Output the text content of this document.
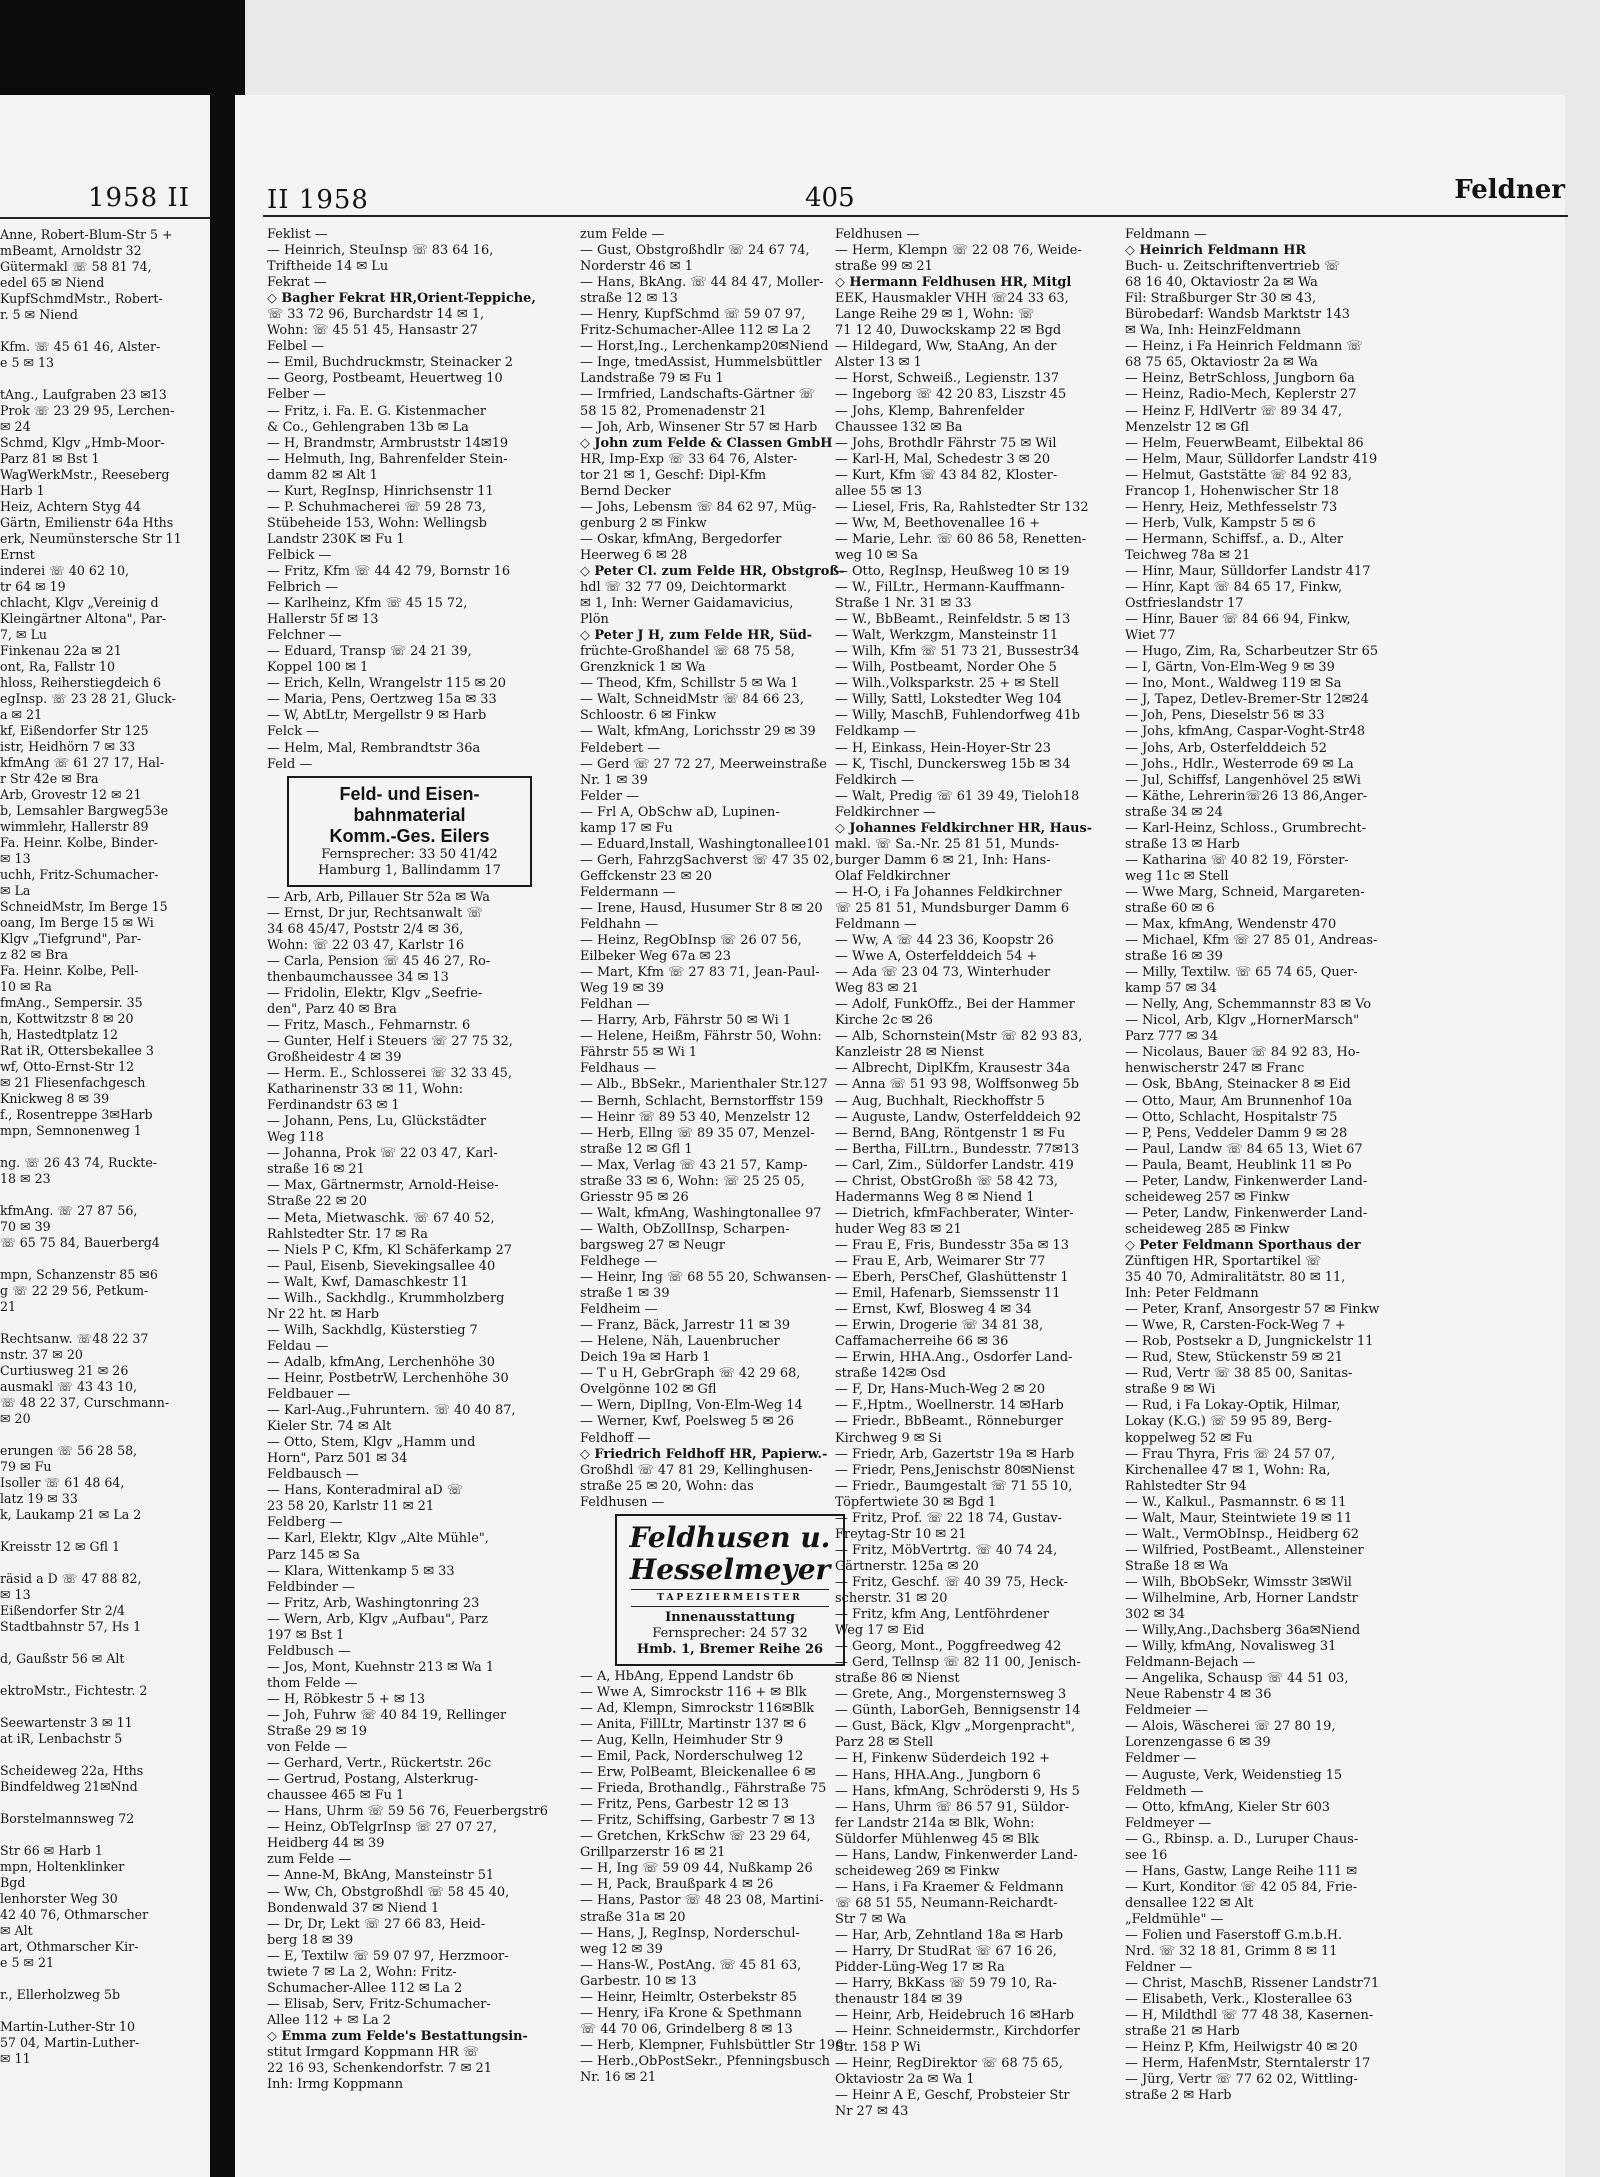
1958 II
Anne, Robert-Blum-Str 5 +
mBeamt, Arnoldstr 32
Gütermakl ☏ 58 81 74,
edel 65 ✉ Niend
KupfSchmdMstr., Robert-
r. 5 ✉ Niend

Kfm. ☏ 45 61 46, Alster-
e 5 ✉ 13

tAng., Laufgraben 23 ✉13
Prok ☏ 23 29 95, Lerchen-
✉ 24
Schmd, Klgv „Hmb-Moor-
Parz 81 ✉ Bst 1
WagWerkMstr., Reeseberg
Harb 1
Heiz, Achtern Styg 44
Gärtn, Emilienstr 64a Hths
erk, Neumünstersche Str 11
Ernst
inderei ☏ 40 62 10,
tr 64 ✉ 19
chlacht, Klgv „Vereinig d
Kleingärtner Altona", Par-
7, ✉ Lu
Finkenau 22a ✉ 21
ont, Ra, Fallstr 10
hloss, Reiherstiegdeich 6
egInsp. ☏ 23 28 21, Gluck-
a ✉ 21
kf, Eißendorfer Str 125
istr, Heidhörn 7 ✉ 33
kfmAng ☏ 61 27 17, Hal-
r Str 42e ✉ Bra
Arb, Grovestr 12 ✉ 21
b, Lemsahler Bargweg53e
wimmlehr, Hallerstr 89
Fa. Heinr. Kolbe, Binder-
✉ 13
uchh, Fritz-Schumacher-
✉ La
SchneidMstr, Im Berge 15
oang, Im Berge 15 ✉ Wi
Klgv „Tiefgrund", Par-
z 82 ✉ Bra
Fa. Heinr. Kolbe, Pell-
10 ✉ Ra
fmAng., Sempersir. 35
n, Kottwitzstr 8 ✉ 20
h, Hastedtplatz 12
Rat iR, Ottersbekallee 3
wf, Otto-Ernst-Str 12
✉ 21 Fliesenfachgesch
Knickweg 8 ✉ 39
f., Rosentreppe 3✉Harb
mpn, Semnonenweg 1

ng. ☏ 26 43 74, Ruckte-
18 ✉ 23

kfmAng. ☏ 27 87 56,
70 ✉ 39
☏ 65 75 84, Bauerberg4

mpn, Schanzenstr 85 ✉6
g ☏ 22 29 56, Petkum-
21

Rechtsanw. ☏48 22 37
nstr. 37 ✉ 20
Curtiusweg 21 ✉ 26
ausmakl ☏ 43 43 10,
☏ 48 22 37, Curschmann-
✉ 20

erungen ☏ 56 28 58,
79 ✉ Fu
Isoller ☏ 61 48 64,
latz 19 ✉ 33
k, Laukamp 21 ✉ La 2

Kreisstr 12 ✉ Gfl 1

räsid a D ☏ 47 88 82,
✉ 13
Eißendorfer Str 2/4
Stadtbahnstr 57, Hs 1

d, Gaußstr 56 ✉ Alt

ektroMstr., Fichtestr. 2

Seewartenstr 3 ✉ 11
at iR, Lenbachstr 5

Scheideweg 22a, Hths
Bindfeldweg 21✉Nnd

Borstelmannsweg 72

Str 66 ✉ Harb 1
mpn, Holtenklinker
Bgd
lenhorster Weg 30
42 40 76, Othmarscher
✉ Alt
art, Othmarscher Kir-
e 5 ✉ 21

r., Ellerholzweg 5b

Martin-Luther-Str 10
57 04, Martin-Luther-
✉ 11
II 1958	405	Feldner
Feklist —
— Heinrich, SteuInsp ☏ 83 64 16,
Triftheide 14 ✉ Lu
Fekrat —
◇ Bagher Fekrat HR,Orient-Teppiche,
☏ 33 72 96, Burchardstr 14 ✉ 1,
Wohn: ☏ 45 51 45, Hansastr 27
Felbel —
— Emil, Buchdruckmstr, Steinacker 2
— Georg, Postbeamt, Heuertweg 10
Felber —
— Fritz, i. Fa. E. G. Kistenmacher
& Co., Gehlengraben 13b ✉ La
— H, Brandmstr, Armbruststr 14✉19
— Helmuth, Ing, Bahrenfelder Stein-
damm 82 ✉ Alt 1
— Kurt, RegInsp, Hinrichsenstr 11
— P. Schuhmacherei ☏ 59 28 73,
Stübeheide 153, Wohn: Wellingsb
Landstr 230K ✉ Fu 1
Felbick —
— Fritz, Kfm ☏ 44 42 79, Bornstr 16
Felbrich —
— Karlheinz, Kfm ☏ 45 15 72,
Hallerstr 5f ✉ 13
Felchner —
— Eduard, Transp ☏ 24 21 39,
Koppel 100 ✉ 1
— Erich, Kelln, Wrangelstr 115 ✉ 20
— Maria, Pens, Oertzweg 15a ✉ 33
— W, AbtLtr, Mergellstr 9 ✉ Harb
Felck —
— Helm, Mal, Rembrandtstr 36a
Feld —
Feld- und Eisen-
bahnmaterial
Komm.-Ges. Eilers
Fernsprecher: 33 50 41/42
Hamburg 1, Ballindamm 17
— Arb, Arb, Pillauer Str 52a ✉ Wa
— Ernst, Dr jur, Rechtsanwalt ☏
34 68 45/47, Poststr 2/4 ✉ 36,
Wohn: ☏ 22 03 47, Karlstr 16
— Carla, Pension ☏ 45 46 27, Ro-
thenbaumchaussee 34 ✉ 13
— Fridolin, Elektr, Klgv „Seefrie-
den", Parz 40 ✉ Bra
— Fritz, Masch., Fehmarnstr. 6
— Gunter, Helf i Steuers ☏ 27 75 32,
Großheidestr 4 ✉ 39
— Herm. E., Schlosserei ☏ 32 33 45,
Katharinenstr 33 ✉ 11, Wohn:
Ferdinandstr 63 ✉ 1
— Johann, Pens, Lu, Glückstädter
Weg 118
— Johanna, Prok ☏ 22 03 47, Karl-
straße 16 ✉ 21
— Max, Gärtnermstr, Arnold-Heise-
Straße 22 ✉ 20
— Meta, Mietwaschk. ☏ 67 40 52,
Rahlstedter Str. 17 ✉ Ra
— Niels P C, Kfm, Kl Schäferkamp 27
— Paul, Eisenb, Sievekingsallee 40
— Walt, Kwf, Damaschkestr 11
— Wilh., Sackhdlg., Krummholzberg
Nr 22 ht. ✉ Harb
— Wilh, Sackhdlg, Küsterstieg 7
Feldau —
— Adalb, kfmAng, Lerchenhöhe 30
— Heinr, PostbetrW, Lerchenhöhe 30
Feldbauer —
— Karl-Aug.,Fuhruntern. ☏ 40 40 87,
Kieler Str. 74 ✉ Alt
— Otto, Stem, Klgv „Hamm und
Horn", Parz 501 ✉ 34
Feldbausch —
— Hans, Konteradmiral aD ☏
23 58 20, Karlstr 11 ✉ 21
Feldberg —
— Karl, Elektr, Klgv „Alte Mühle",
Parz 145 ✉ Sa
— Klara, Wittenkamp 5 ✉ 33
Feldbinder —
— Fritz, Arb, Washingtonring 23
— Wern, Arb, Klgv „Aufbau", Parz
197 ✉ Bst 1
Feldbusch —
— Jos, Mont, Kuehnstr 213 ✉ Wa 1
thom Felde —
— H, Röbkestr 5 + ✉ 13
— Joh, Fuhrw ☏ 40 84 19, Rellinger
Straße 29 ✉ 19
von Felde —
— Gerhard, Vertr., Rückertstr. 26c
— Gertrud, Postang, Alsterkrug-
chaussee 465 ✉ Fu 1
— Hans, Uhrm ☏ 59 56 76, Feuerbergstr6
— Heinz, ObTelgrInsp ☏ 27 07 27,
Heidberg 44 ✉ 39
zum Felde —
— Anne-M, BkAng, Mansteinstr 51
— Ww, Ch, Obstgroßhdl ☏ 58 45 40,
Bondenwald 37 ✉ Niend 1
— Dr, Dr, Lekt ☏ 27 66 83, Heid-
berg 18 ✉ 39
— E, Textilw ☏ 59 07 97, Herzmoor-
twiete 7 ✉ La 2, Wohn: Fritz-
Schumacher-Allee 112 ✉ La 2
— Elisab, Serv, Fritz-Schumacher-
Allee 112 + ✉ La 2
◇ Emma zum Felde's Bestattungsin-
stitut Irmgard Koppmann HR ☏
22 16 93, Schenkendorfstr. 7 ✉ 21
Inh: Irmg Koppmann
zum Felde —
— Gust, Obstgroßhdlr ☏ 24 67 74,
Norderstr 46 ✉ 1
— Hans, BkAng. ☏ 44 84 47, Moller-
straße 12 ✉ 13
— Henry, KupfSchmd ☏ 59 07 97,
Fritz-Schumacher-Allee 112 ✉ La 2
— Horst,Ing., Lerchenkamp20✉Niend
— Inge, tmedAssist, Hummelsbüttler
Landstraße 79 ✉ Fu 1
— Irmfried, Landschafts-Gärtner ☏
58 15 82, Promenadenstr 21
— Joh, Arb, Winsener Str 57 ✉ Harb
◇ John zum Felde & Classen GmbH
HR, Imp-Exp ☏ 33 64 76, Alster-
tor 21 ✉ 1, Geschf: Dipl-Kfm
Bernd Decker
— Johs, Lebensm ☏ 84 62 97, Müg-
genburg 2 ✉ Finkw
— Oskar, kfmAng, Bergedorfer
Heerweg 6 ✉ 28
◇ Peter Cl. zum Felde HR, Obstgroß-
hdl ☏ 32 77 09, Deichtormarkt
✉ 1, Inh: Werner Gaidamavicius,
Plön
◇ Peter J H, zum Felde HR, Süd-
früchte-Großhandel ☏ 68 75 58,
Grenzknick 1 ✉ Wa
— Theod, Kfm, Schillstr 5 ✉ Wa 1
— Walt, SchneidMstr ☏ 84 66 23,
Schloostr. 6 ✉ Finkw
— Walt, kfmAng, Lorichsstr 29 ✉ 39
Feldebert —
— Gerd ☏ 27 72 27, Meerweinstraße
Nr. 1 ✉ 39
Felder —
— Frl A, ObSchw aD, Lupinen-
kamp 17 ✉ Fu
— Eduard,Install, Washingtonallee101
— Gerh, FahrzgSachverst ☏ 47 35 02,
Geffckenstr 23 ✉ 20
Feldermann —
— Irene, Hausd, Husumer Str 8 ✉ 20
Feldhahn —
— Heinz, RegObInsp ☏ 26 07 56,
Eilbeker Weg 67a ✉ 23
— Mart, Kfm ☏ 27 83 71, Jean-Paul-
Weg 19 ✉ 39
Feldhan —
— Harry, Arb, Fährstr 50 ✉ Wi 1
— Helene, Heißm, Fährstr 50, Wohn:
Fährstr 55 ✉ Wi 1
Feldhaus —
— Alb., BbSekr., Marienthaler Str.127
— Bernh, Schlacht, Bernstorffstr 159
— Heinr ☏ 89 53 40, Menzelstr 12
— Herb, Ellng ☏ 89 35 07, Menzel-
straße 12 ✉ Gfl 1
— Max, Verlag ☏ 43 21 57, Kamp-
straße 33 ✉ 6, Wohn: ☏ 25 25 05,
Griesstr 95 ✉ 26
— Walt, kfmAng, Washingtonallee 97
— Walth, ObZollInsp, Scharpen-
bargsweg 27 ✉ Neugr
Feldhege —
— Heinr, Ing ☏ 68 55 20, Schwansen-
straße 1 ✉ 39
Feldheim —
— Franz, Bäck, Jarrestr 11 ✉ 39
— Helene, Näh, Lauenbrucher
Deich 19a ✉ Harb 1
— T u H, GebrGraph ☏ 42 29 68,
Ovelgönne 102 ✉ Gfl
— Wern, DiplIng, Von-Elm-Weg 14
— Werner, Kwf, Poelsweg 5 ✉ 26
Feldhoff —
◇ Friedrich Feldhoff HR, Papierw.-
Großhdl ☏ 47 81 29, Kellinghusen-
straße 25 ✉ 20, Wohn: das
Feldhusen —
Feldhusen u.
Hesselmeyer
TAPEZIERMEISTER
Innenausstattung
Fernsprecher: 24 57 32
Hmb. 1, Bremer Reihe 26
— A, HbAng, Eppend Landstr 6b
— Wwe A, Simrockstr 116 + ✉ Blk
— Ad, Klempn, Simrockstr 116✉Blk
— Anita, FillLtr, Martinstr 137 ✉ 6
— Aug, Kelln, Heimhuder Str 9
— Emil, Pack, Norderschulweg 12
— Erw, PolBeamt, Bleickenallee 6 ✉
— Frieda, Brothandlg., Fährstraße 75
— Fritz, Pens, Garbestr 12 ✉ 13
— Fritz, Schiffsing, Garbestr 7 ✉ 13
— Gretchen, KrkSchw ☏ 23 29 64,
Grillparzerstr 16 ✉ 21
— H, Ing ☏ 59 09 44, Nußkamp 26
— H, Pack, Braußpark 4 ✉ 26
— Hans, Pastor ☏ 48 23 08, Martini-
straße 31a ✉ 20
— Hans, J, RegInsp, Norderschul-
weg 12 ✉ 39
— Hans-W., PostAng. ☏ 45 81 63,
Garbestr. 10 ✉ 13
— Heinr, Heimltr, Osterbekstr 85
— Henry, iFa Krone & Spethmann
☏ 44 70 06, Grindelberg 8 ✉ 13
— Herb, Klempner, Fuhlsbüttler Str 196
— Herb.,ObPostSekr., Pfenningsbusch
Nr. 16 ✉ 21
Feldhusen —
— Herm, Klempn ☏ 22 08 76, Weide-
straße 99 ✉ 21
◇ Hermann Feldhusen HR, Mitgl
EEK, Hausmakler VHH ☏24 33 63,
Lange Reihe 29 ✉ 1, Wohn: ☏
71 12 40, Duwockskamp 22 ✉ Bgd
— Hildegard, Ww, StaAng, An der
Alster 13 ✉ 1
— Horst, Schweiß., Legienstr. 137
— Ingeborg ☏ 42 20 83, Liszstr 45
— Johs, Klemp, Bahrenfelder
Chaussee 132 ✉ Ba
— Johs, Brothdlr Fährstr 75 ✉ Wil
— Karl-H, Mal, Schedestr 3 ✉ 20
— Kurt, Kfm ☏ 43 84 82, Kloster-
allee 55 ✉ 13
— Liesel, Fris, Ra, Rahlstedter Str 132
— Ww, M, Beethovenallee 16 +
— Marie, Lehr. ☏ 60 86 58, Renetten-
weg 10 ✉ Sa
— Otto, RegInsp, Heußweg 10 ✉ 19
— W., FilLtr., Hermann-Kauffmann-
Straße 1 Nr. 31 ✉ 33
— W., BbBeamt., Reinfeldstr. 5 ✉ 13
— Walt, Werkzgm, Mansteinstr 11
— Wilh, Kfm ☏ 51 73 21, Bussestr34
— Wilh, Postbeamt, Norder Ohe 5
— Wilh.,Volksparkstr. 25 + ✉ Stell
— Willy, Sattl, Lokstedter Weg 104
— Willy, MaschB, Fuhlendorfweg 41b
Feldkamp —
— H, Einkass, Hein-Hoyer-Str 23
— K, Tischl, Dunckersweg 15b ✉ 34
Feldkirch —
— Walt, Predig ☏ 61 39 49, Tieloh18
Feldkirchner —
◇ Johannes Feldkirchner HR, Haus-
makl. ☏ Sa.-Nr. 25 81 51, Munds-
burger Damm 6 ✉ 21, Inh: Hans-
Olaf Feldkirchner
— H-O, i Fa Johannes Feldkirchner
☏ 25 81 51, Mundsburger Damm 6
Feldmann —
— Ww, A ☏ 44 23 36, Koopstr 26
— Wwe A, Osterfelddeich 54 +
— Ada ☏ 23 04 73, Winterhuder
Weg 83 ✉ 21
— Adolf, FunkOffz., Bei der Hammer
Kirche 2c ✉ 26
— Alb, Schornstein(Mstr ☏ 82 93 83,
Kanzleistr 28 ✉ Nienst
— Albrecht, DiplKfm, Krausestr 34a
— Anna ☏ 51 93 98, Wolffsonweg 5b
— Aug, Buchhalt, Rieckhoffstr 5
— Auguste, Landw, Osterfelddeich 92
— Bernd, BAng, Röntgenstr 1 ✉ Fu
— Bertha, FilLtrn., Bundesstr. 77✉13
— Carl, Zim., Süldorfer Landstr. 419
— Christ, ObstGroßh ☏ 58 42 73,
Hadermanns Weg 8 ✉ Niend 1
— Dietrich, kfmFachberater, Winter-
huder Weg 83 ✉ 21
— Frau E, Fris, Bundesstr 35a ✉ 13
— Frau E, Arb, Weimarer Str 77
— Eberh, PersChef, Glashüttenstr 1
— Emil, Hafenarb, Siemssenstr 11
— Ernst, Kwf, Blosweg 4 ✉ 34
— Erwin, Drogerie ☏ 34 81 38,
Caffamacherreihe 66 ✉ 36
— Erwin, HHA.Ang., Osdorfer Land-
straße 142✉ Osd
— F, Dr, Hans-Much-Weg 2 ✉ 20
— F.,Hptm., Woellnerstr. 14 ✉Harb
— Friedr., BbBeamt., Rönneburger
Kirchweg 9 ✉ Si
— Friedr, Arb, Gazertstr 19a ✉ Harb
— Friedr, Pens,Jenischstr 80✉Nienst
— Friedr., Baumgestalt ☏ 71 55 10,
Töpfertwiete 30 ✉ Bgd 1
— Fritz, Prof. ☏ 22 18 74, Gustav-
Freytag-Str 10 ✉ 21
— Fritz, MöbVertrtg. ☏ 40 74 24,
Gärtnerstr. 125a ✉ 20
— Fritz, Geschf. ☏ 40 39 75, Heck-
scherstr. 31 ✉ 20
— Fritz, kfm Ang, Lentföhrdener
Weg 17 ✉ Eid
— Georg, Mont., Poggfreedweg 42
— Gerd, Tellnsp ☏ 82 11 00, Jenisch-
straße 86 ✉ Nienst
— Grete, Ang., Morgensternsweg 3
— Günth, LaborGeh, Bennigsenstr 14
— Gust, Bäck, Klgv „Morgenpracht",
Parz 28 ✉ Stell
— H, Finkenw Süderdeich 192 +
— Hans, HHA.Ang., Jungborn 6
— Hans, kfmAng, Schrödersti 9, Hs 5
— Hans, Uhrm ☏ 86 57 91, Süldor-
fer Landstr 214a ✉ Blk, Wohn:
Süldorfer Mühlenweg 45 ✉ Blk
— Hans, Landw, Finkenwerder Land-
scheideweg 269 ✉ Finkw
— Hans, i Fa Kraemer & Feldmann
☏ 68 51 55, Neumann-Reichardt-
Str 7 ✉ Wa
— Har, Arb, Zehntland 18a ✉ Harb
— Harry, Dr StudRat ☏ 67 16 26,
Pidder-Lüng-Weg 17 ✉ Ra
— Harry, BkKass ☏ 59 79 10, Ra-
thenaustr 184 ✉ 39
— Heinr, Arb, Heidebruch 16 ✉Harb
— Heinr. Schneidermstr., Kirchdorfer
Str. 158 P Wi
— Heinr, RegDirektor ☏ 68 75 65,
Oktaviostr 2a ✉ Wa 1
— Heinr A E, Geschf, Probsteier Str
Nr 27 ✉ 43
Feldmann —
◇ Heinrich Feldmann HR
Buch- u. Zeitschriftenvertrieb ☏
68 16 40, Oktaviostr 2a ✉ Wa
Fil: Straßburger Str 30 ✉ 43,
Bürobedarf: Wandsb Marktstr 143
✉ Wa, Inh: HeinzFeldmann
— Heinz, i Fa Heinrich Feldmann ☏
68 75 65, Oktaviostr 2a ✉ Wa
— Heinz, BetrSchloss, Jungborn 6a
— Heinz, Radio-Mech, Keplerstr 27
— Heinz F, HdlVertr ☏ 89 34 47,
Menzelstr 12 ✉ Gfl
— Helm, FeuerwBeamt, Eilbektal 86
— Helm, Maur, Sülldorfer Landstr 419
— Helmut, Gaststätte ☏ 84 92 83,
Francop 1, Hohenwischer Str 18
— Henry, Heiz, Methfesselstr 73
— Herb, Vulk, Kampstr 5 ✉ 6
— Hermann, Schiffsf., a. D., Alter
Teichweg 78a ✉ 21
— Hinr, Maur, Sülldorfer Landstr 417
— Hinr, Kapt ☏ 84 65 17, Finkw,
Ostfrieslandstr 17
— Hinr, Bauer ☏ 84 66 94, Finkw,
Wiet 77
— Hugo, Zim, Ra, Scharbeutzer Str 65
— I, Gärtn, Von-Elm-Weg 9 ✉ 39
— Ino, Mont., Waldweg 119 ✉ Sa
— J, Tapez, Detlev-Bremer-Str 12✉24
— Joh, Pens, Dieselstr 56 ✉ 33
— Johs, kfmAng, Caspar-Voght-Str48
— Johs, Arb, Osterfelddeich 52
— Johs., Hdlr., Westerrode 69 ✉ La
— Jul, Schiffsf, Langenhövel 25 ✉Wi
— Käthe, Lehrerin☏26 13 86,Anger-
straße 34 ✉ 24
— Karl-Heinz, Schloss., Grumbrecht-
straße 13 ✉ Harb
— Katharina ☏ 40 82 19, Förster-
weg 11c ✉ Stell
— Wwe Marg, Schneid, Margareten-
straße 60 ✉ 6
— Max, kfmAng, Wendenstr 470
— Michael, Kfm ☏ 27 85 01, Andreas-
straße 16 ✉ 39
— Milly, Textilw. ☏ 65 74 65, Quer-
kamp 57 ✉ 34
— Nelly, Ang, Schemmannstr 83 ✉ Vo
— Nicol, Arb, Klgv „HornerMarsch"
Parz 777 ✉ 34
— Nicolaus, Bauer ☏ 84 92 83, Ho-
henwischerstr 247 ✉ Franc
— Osk, BbAng, Steinacker 8 ✉ Eid
— Otto, Maur, Am Brunnenhof 10a
— Otto, Schlacht, Hospitalstr 75
— P, Pens, Veddeler Damm 9 ✉ 28
— Paul, Landw ☏ 84 65 13, Wiet 67
— Paula, Beamt, Heublink 11 ✉ Po
— Peter, Landw, Finkenwerder Land-
scheideweg 257 ✉ Finkw
— Peter, Landw, Finkenwerder Land-
scheideweg 285 ✉ Finkw
◇ Peter Feldmann Sporthaus der
Zünftigen HR, Sportartikel ☏
35 40 70, Admiralitätstr. 80 ✉ 11,
Inh: Peter Feldmann
— Peter, Kranf, Ansorgestr 57 ✉ Finkw
— Wwe, R, Carsten-Fock-Weg 7 +
— Rob, Postsekr a D, Jungnickelstr 11
— Rud, Stew, Stückenstr 59 ✉ 21
— Rud, Vertr ☏ 38 85 00, Sanitas-
straße 9 ✉ Wi
— Rud, i Fa Lokay-Optik, Hilmar,
Lokay (K.G.) ☏ 59 95 89, Berg-
koppelweg 52 ✉ Fu
— Frau Thyra, Fris ☏ 24 57 07,
Kirchenallee 47 ✉ 1, Wohn: Ra,
Rahlstedter Str 94
— W., Kalkul., Pasmannstr. 6 ✉ 11
— Walt, Maur, Steintwiete 19 ✉ 11
— Walt., VermObInsp., Heidberg 62
— Wilfried, PostBeamt., Allensteiner
Straße 18 ✉ Wa
— Wilh, BbObSekr, Wimsstr 3✉Wil
— Wilhelmine, Arb, Horner Landstr
302 ✉ 34
— Willy,Ang.,Dachsberg 36a✉Niend
— Willy, kfmAng, Novalisweg 31
Feldmann-Bejach —
— Angelika, Schausp ☏ 44 51 03,
Neue Rabenstr 4 ✉ 36
Feldmeier —
— Alois, Wäscherei ☏ 27 80 19,
Lorenzengasse 6 ✉ 39
Feldmer —
— Auguste, Verk, Weidenstieg 15
Feldmeth —
— Otto, kfmAng, Kieler Str 603
Feldmeyer —
— G., Rbinsp. a. D., Luruper Chaus-
see 16
— Hans, Gastw, Lange Reihe 111 ✉
— Kurt, Konditor ☏ 42 05 84, Frie-
densallee 122 ✉ Alt
„Feldmühle" —
— Folien und Faserstoff G.m.b.H.
Nrd. ☏ 32 18 81, Grimm 8 ✉ 11
Feldner —
— Christ, MaschB, Rissener Landstr71
— Elisabeth, Verk., Klosterallee 63
— H, Mildthdl ☏ 77 48 38, Kasernen-
straße 21 ✉ Harb
— Heinz P, Kfm, Heilwigstr 40 ✉ 20
— Herm, HafenMstr, Sterntalerstr 17
— Jürg, Vertr ☏ 77 62 02, Wittling-
straße 2 ✉ Harb
